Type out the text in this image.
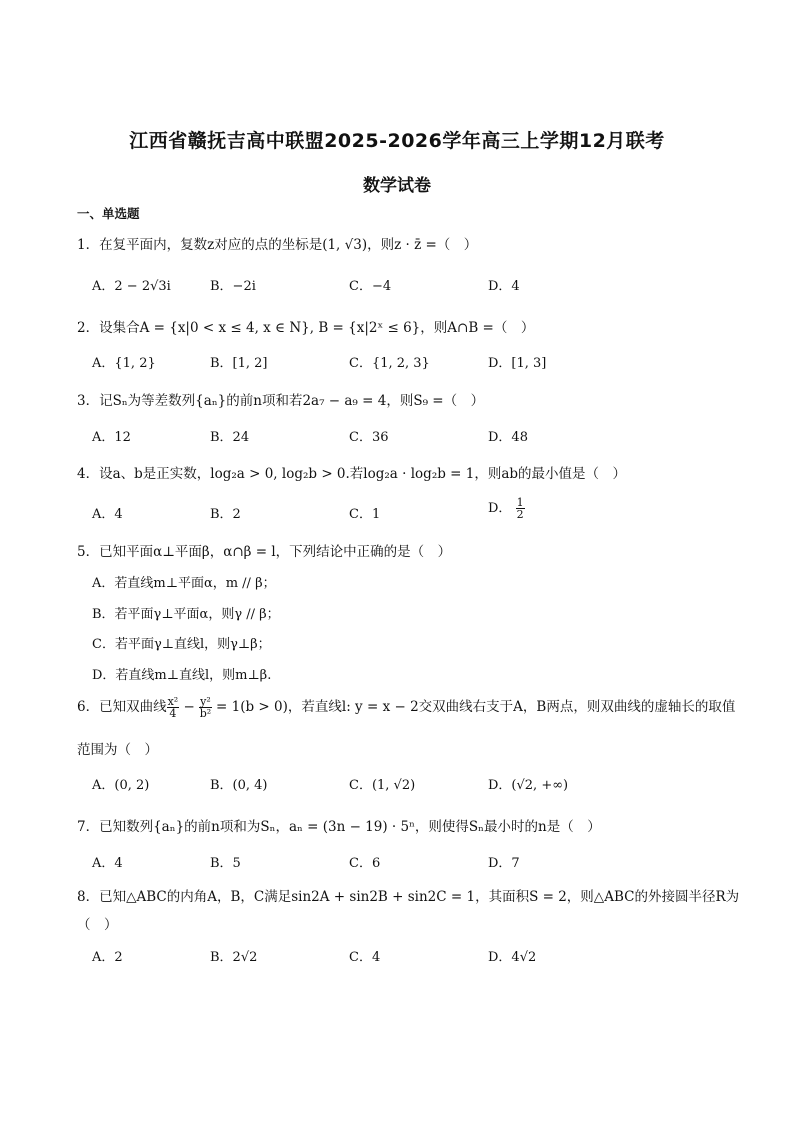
江西省赣抚吉高中联盟2025-2026学年高三上学期12月联考
数学试卷
一、单选题
1．在复平面内，复数z对应的点的坐标是(1, √3)，则z · z̄ =（　）
A．2 − 2√3i	B．−2i	C．−4	D．4
2．设集合A = {x|0 < x ≤ 4, x ∈ N}, B = {x|2ˣ ≤ 6}，则A∩B =（　）
A．{1, 2}	B．[1, 2]	C．{1, 2, 3}	D．[1, 3]
3．记Sₙ为等差数列{aₙ}的前n项和若2a₇ − a₉ = 4，则S₉ =（　）
A．12	B．24	C．36	D．48
4．设a、b是正实数，log₂a > 0, log₂b > 0.若log₂a · log₂b = 1，则ab的最小值是（　）
A．4	B．2	C．1	D． $\frac{1}{2}$
5．已知平面α⊥平面β，α∩β = l，下列结论中正确的是（　）
A．若直线m⊥平面α，m // β；
B．若平面γ⊥平面α，则γ // β；
C．若平面γ⊥直线l，则γ⊥β；
D．若直线m⊥直线l，则m⊥β.
6．已知双曲线 $\frac{\text{x²}}{4} - \frac{\text{y²}}{\text{b²}} = 1(b > 0)$，若直线l: y = x − 2交双曲线右支于A，B两点，则双曲线的虚轴长的取值
范围为（　）
A．(0, 2)	B．(0, 4)	C．(1, √2)	D．(√2, +∞)
7．已知数列{aₙ}的前n项和为Sₙ，aₙ = (3n − 19) · 5ⁿ，则使得Sₙ最小时的n是（　）
A．4	B．5	C．6	D．7
8．已知△ABC的内角A，B，C满足sin2A + sin2B + sin2C = 1，其面积S = 2，则△ABC的外接圆半径R为
（　）
A．2	B．2√2	C．4	D．4√2
